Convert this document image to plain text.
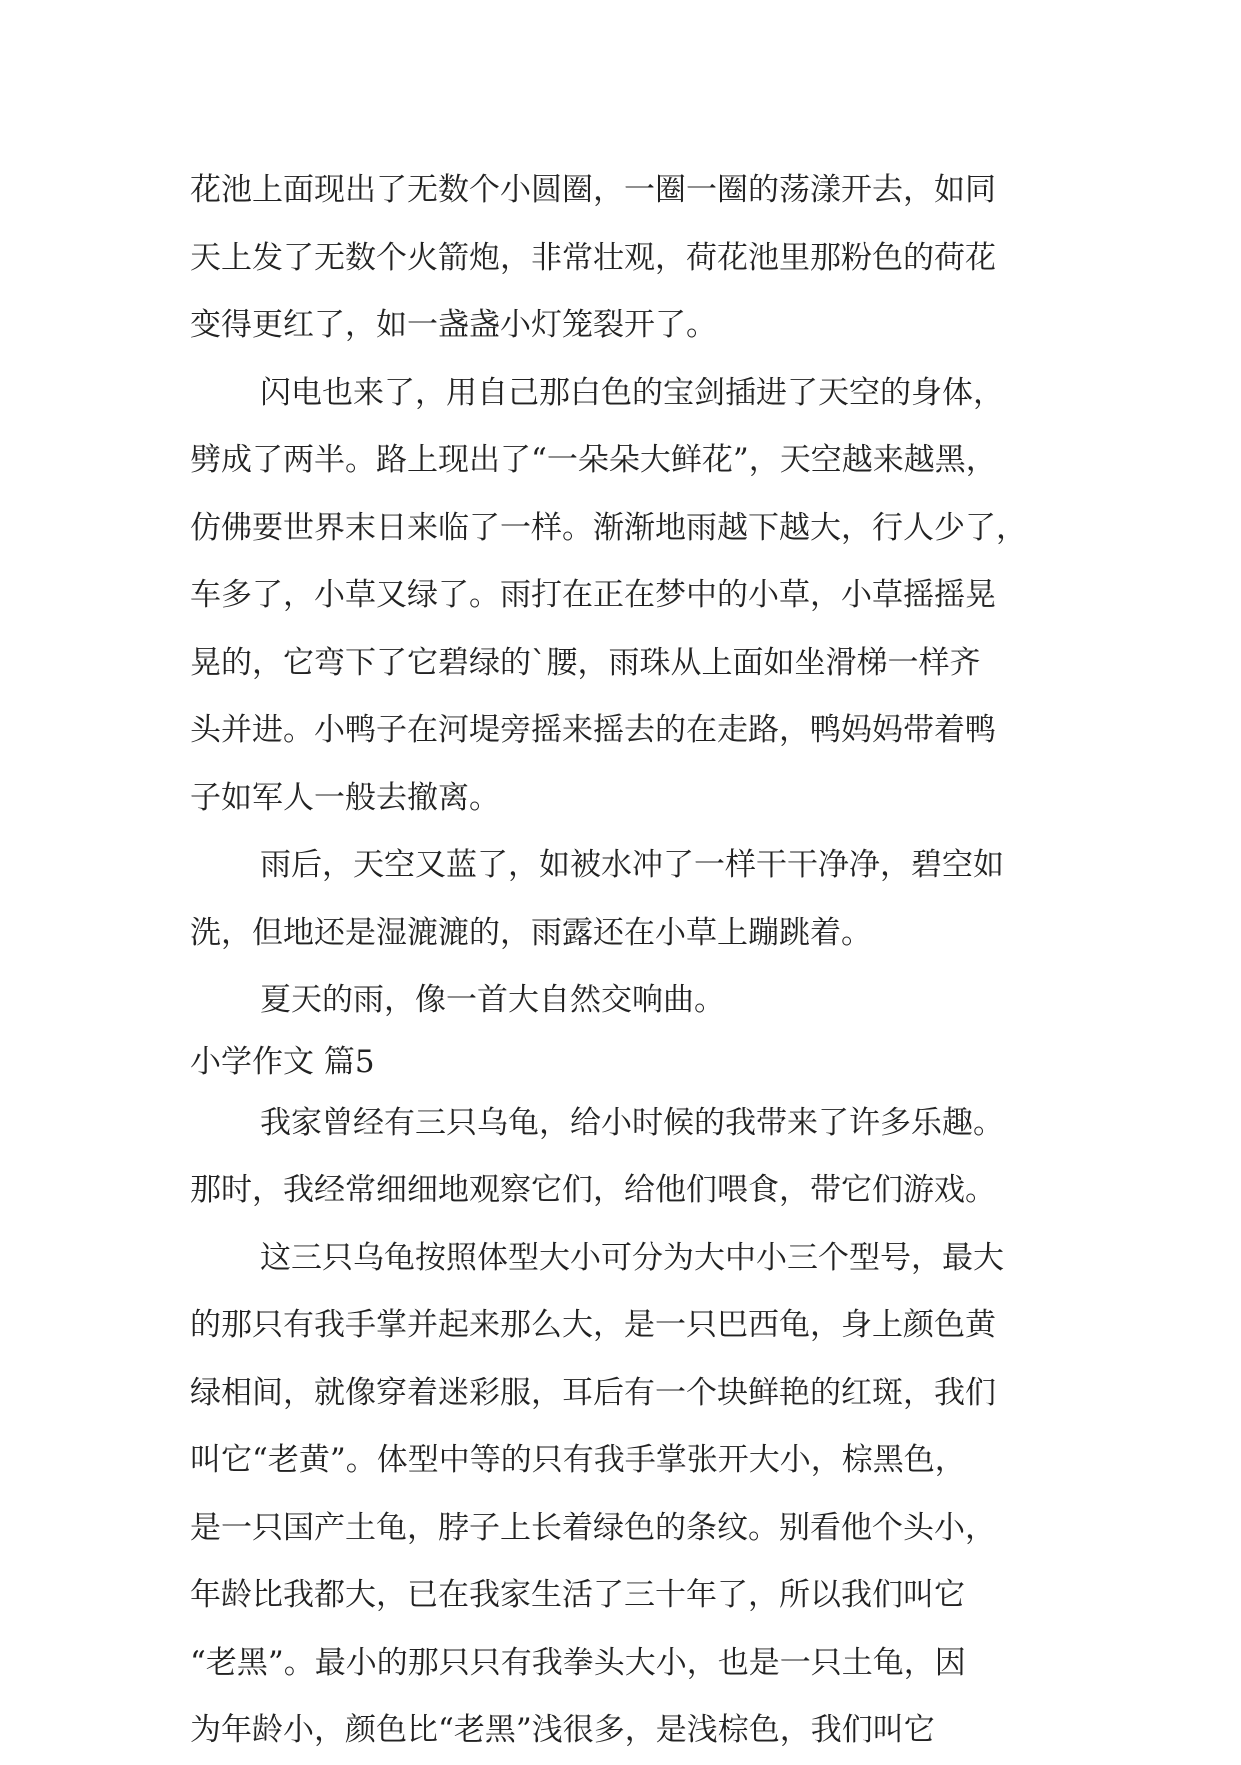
花池上面现出了无数个小圆圈，一圈一圈的荡漾开去，如同

天上发了无数个火箭炮，非常壮观，荷花池里那粉色的荷花

变得更红了，如一盏盏小灯笼裂开了。

闪电也来了，用自己那白色的宝剑插进了天空的身体，

劈成了两半。路上现出了“一朵朵大鲜花”，天空越来越黑，

仿佛要世界末日来临了一样。渐渐地雨越下越大，行人少了，

车多了，小草又绿了。雨打在正在梦中的小草，小草摇摇晃

晃的，它弯下了它碧绿的`腰，雨珠从上面如坐滑梯一样齐

头并进。小鸭子在河堤旁摇来摇去的在走路，鸭妈妈带着鸭

子如军人一般去撤离。

雨后，天空又蓝了，如被水冲了一样干干净净，碧空如

洗，但地还是湿漉漉的，雨露还在小草上蹦跳着。

夏天的雨，像一首大自然交响曲。

小学作文 篇5

我家曾经有三只乌龟，给小时候的我带来了许多乐趣。

那时，我经常细细地观察它们，给他们喂食，带它们游戏。

这三只乌龟按照体型大小可分为大中小三个型号，最大

的那只有我手掌并起来那么大，是一只巴西龟，身上颜色黄

绿相间，就像穿着迷彩服，耳后有一个块鲜艳的红斑，我们

叫它“老黄”。体型中等的只有我手掌张开大小，棕黑色，

是一只国产土龟，脖子上长着绿色的条纹。别看他个头小，

年龄比我都大，已在我家生活了三十年了，所以我们叫它

“老黑”。最小的那只只有我拳头大小，也是一只土龟，因

为年龄小，颜色比“老黑”浅很多，是浅棕色，我们叫它
